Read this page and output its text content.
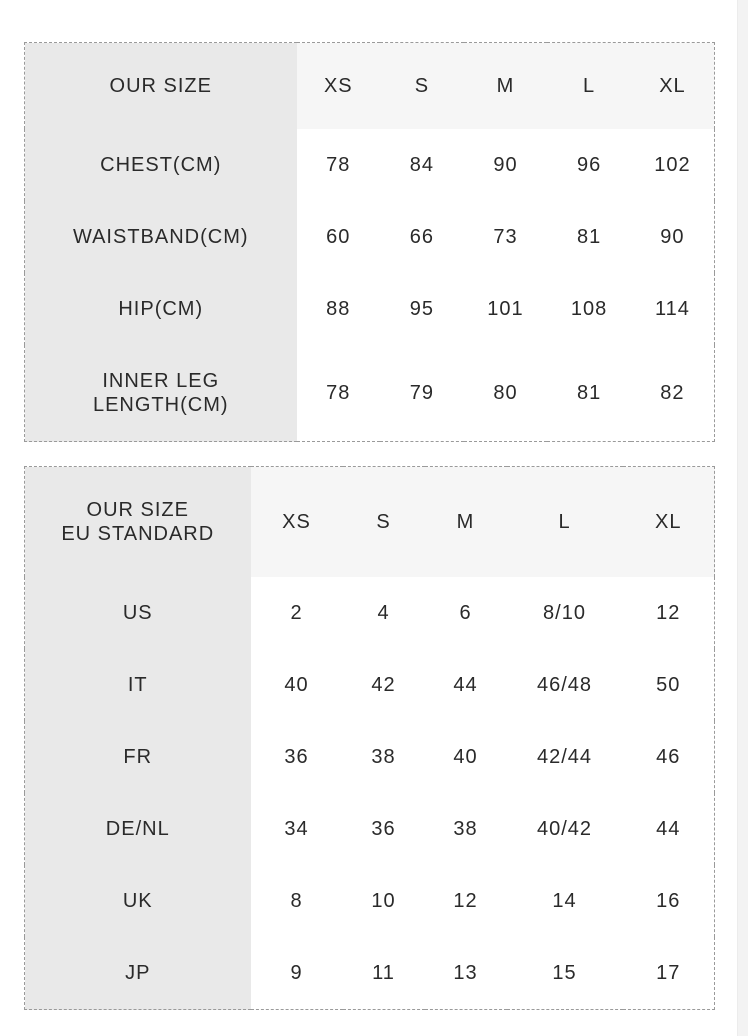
OUR SIZE	XS	S	M	L	XL
CHEST(CM)	78	84	90	96	102
WAISTBAND(CM)	60	66	73	81	90
HIP(CM)	88	95	101	108	114

INNER LEG
LENGTH(CM)	78	79	80	81	82
OUR SIZE
EU STANDARD	XS	S	M	L	XL
US	2	4	6	8/10	12
IT	40	42	44	46/48	50
FR	36	38	40	42/44	46
DE/NL	34	36	38	40/42	44
UK	8	10	12	14	16
JP	9	11	13	15	17
